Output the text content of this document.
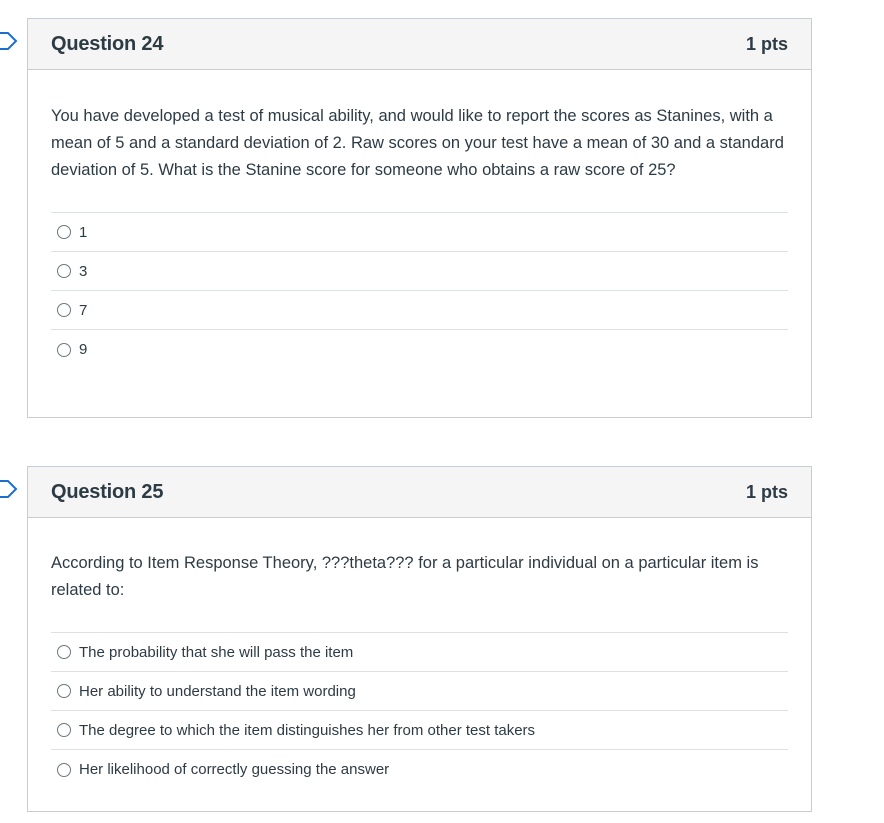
Question 24	1 pts

You have developed a test of musical ability, and would like to report the scores as Stanines, with a mean of 5 and a standard deviation of 2. Raw scores on your test have a mean of 30 and a standard deviation of 5. What is the Stanine score for someone who obtains a raw score of 25?

1
3
7
9
Question 25	1 pts

According to Item Response Theory, ???theta??? for a particular individual on a particular item is related to:

The probability that she will pass the item
Her ability to understand the item wording
The degree to which the item distinguishes her from other test takers
Her likelihood of correctly guessing the answer
